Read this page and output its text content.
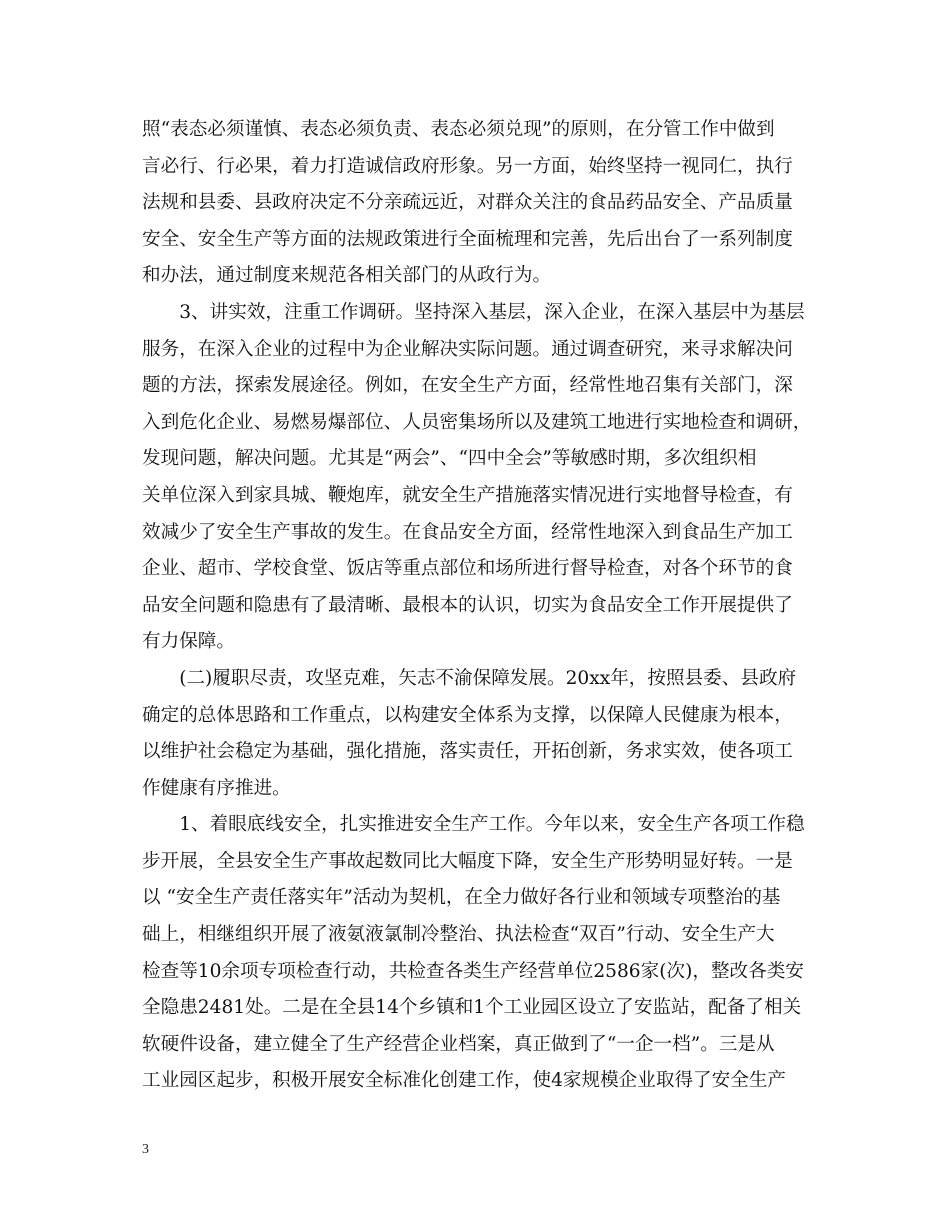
照“表态必须谨慎、表态必须负责、表态必须兑现”的原则，在分管工作中做到
言必行、行必果，着力打造诚信政府形象。另一方面，始终坚持一视同仁，执行
法规和县委、县政府决定不分亲疏远近，对群众关注的食品药品安全、产品质量
安全、安全生产等方面的法规政策进行全面梳理和完善，先后出台了一系列制度
和办法，通过制度来规范各相关部门的从政行为。
　　3、讲实效，注重工作调研。坚持深入基层，深入企业，在深入基层中为基层
服务，在深入企业的过程中为企业解决实际问题。通过调查研究，来寻求解决问
题的方法，探索发展途径。例如，在安全生产方面，经常性地召集有关部门，深
入到危化企业、易燃易爆部位、人员密集场所以及建筑工地进行实地检查和调研，
发现问题，解决问题。尤其是“两会”、“四中全会”等敏感时期，多次组织相
关单位深入到家具城、鞭炮库，就安全生产措施落实情况进行实地督导检查，有
效减少了安全生产事故的发生。在食品安全方面，经常性地深入到食品生产加工
企业、超市、学校食堂、饭店等重点部位和场所进行督导检查，对各个环节的食
品安全问题和隐患有了最清晰、最根本的认识，切实为食品安全工作开展提供了
有力保障。
　　(二)履职尽责，攻坚克难，矢志不渝保障发展。20xx年，按照县委、县政府
确定的总体思路和工作重点，以构建安全体系为支撑，以保障人民健康为根本，
以维护社会稳定为基础，强化措施，落实责任，开拓创新，务求实效，使各项工
作健康有序推进。
　　1、着眼底线安全，扎实推进安全生产工作。今年以来，安全生产各项工作稳
步开展，全县安全生产事故起数同比大幅度下降，安全生产形势明显好转。一是
以 “安全生产责任落实年”活动为契机，在全力做好各行业和领域专项整治的基
础上，相继组织开展了液氨液氯制冷整治、执法检查“双百”行动、安全生产大
检查等10余项专项检查行动，共检查各类生产经营单位2586家(次)，整改各类安
全隐患2481处。二是在全县14个乡镇和1个工业园区设立了安监站，配备了相关
软硬件设备，建立健全了生产经营企业档案，真正做到了“一企一档”。三是从
工业园区起步，积极开展安全标准化创建工作，使4家规模企业取得了安全生产
3
